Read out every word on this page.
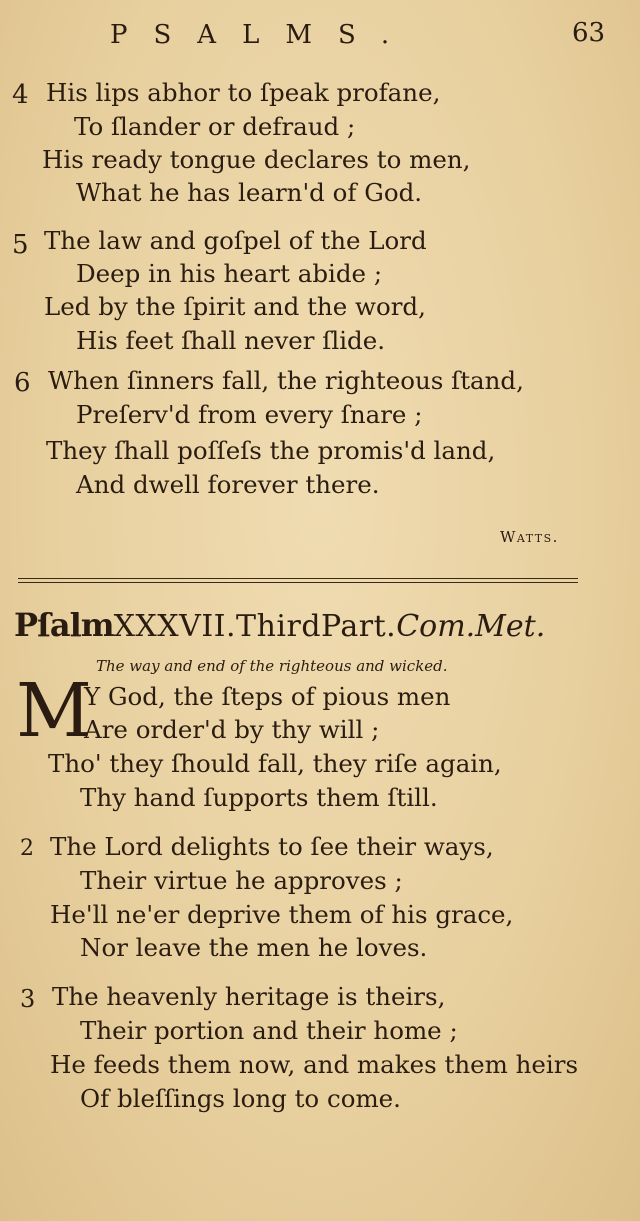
PSALMS.	63
4 His lips abhor to ſpeak profane,
To ſlander or defraud ;
His ready tongue declares to men,
What he has learn'd of God.
5 The law and goſpel of the Lord
Deep in his heart abide ;
Led by the ſpirit and the word,
His feet ſhall never ſlide.
6 When ſinners fall, the righteous ſtand,
Preſerv'd from every ſnare ;
They ſhall poſſeſs the promis'd land,
And dwell forever there.
Watts.
PſalmXXXVII.ThirdPart.Com.Met.
The way and end of the righteous and wicked.
M
Y God, the ſteps of pious men
Are order'd by thy will ;
Tho' they ſhould fall, they riſe again,
Thy hand ſupports them ſtill.
2 The Lord delights to ſee their ways,
Their virtue he approves ;
He'll ne'er deprive them of his grace,
Nor leave the men he loves.
3 The heavenly heritage is theirs,
Their portion and their home ;
He feeds them now, and makes them heirs
Of bleſſings long to come.
